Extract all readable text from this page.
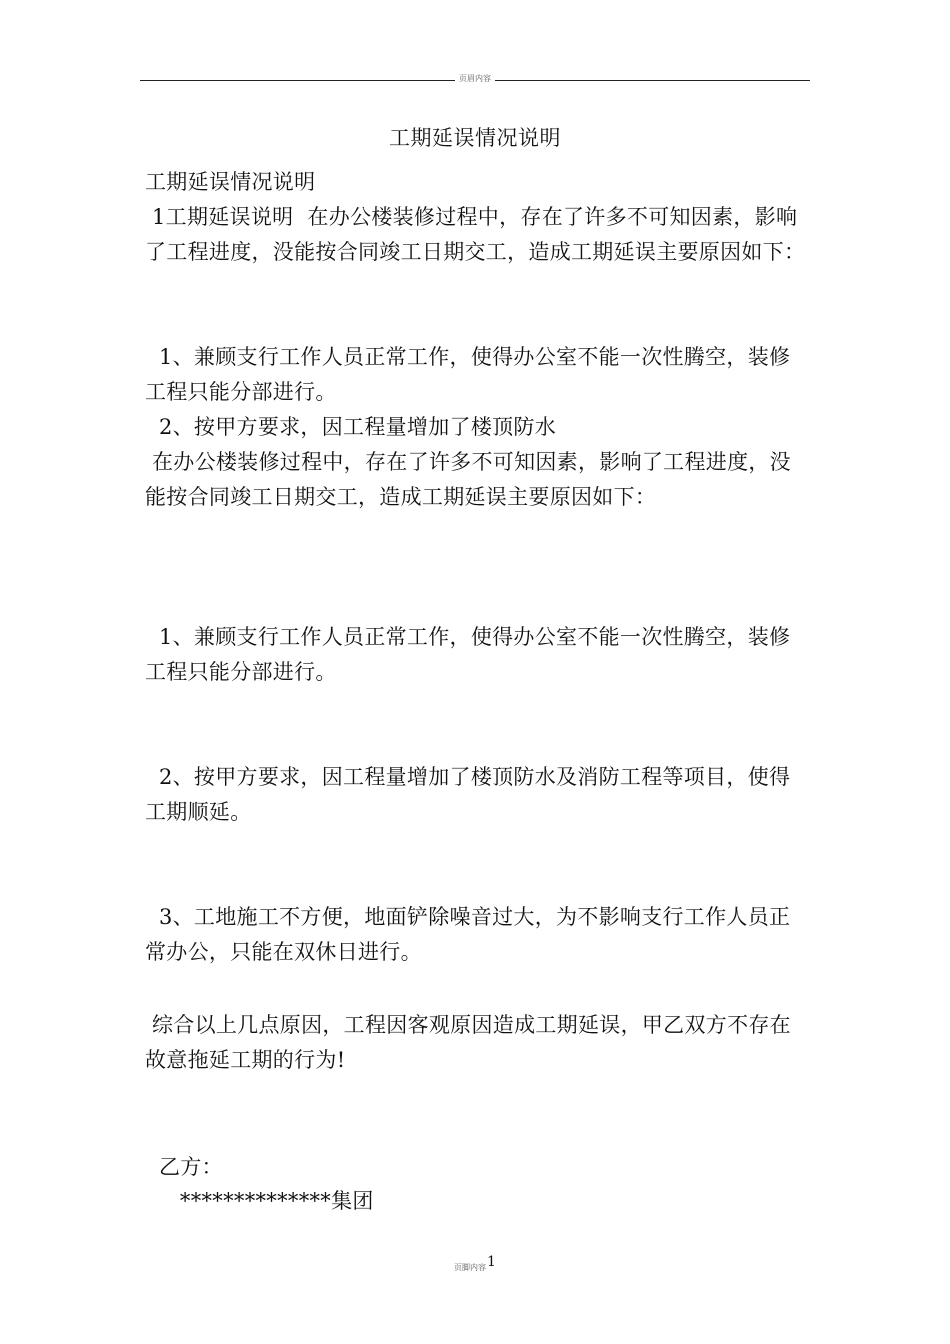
页眉内容
工期延误情况说明
工期延误情况说明
1工期延误说明  在办公楼装修过程中，存在了许多不可知因素，影响了工程进度，没能按合同竣工日期交工，造成工期延误主要原因如下：
1、兼顾支行工作人员正常工作，使得办公室不能一次性腾空，装修工程只能分部进行。
2、按甲方要求，因工程量增加了楼顶防水
在办公楼装修过程中，存在了许多不可知因素，影响了工程进度，没能按合同竣工日期交工，造成工期延误主要原因如下：
1、兼顾支行工作人员正常工作，使得办公室不能一次性腾空，装修工程只能分部进行。
2、按甲方要求，因工程量增加了楼顶防水及消防工程等项目，使得工期顺延。
3、工地施工不方便，地面铲除噪音过大，为不影响支行工作人员正常办公，只能在双休日进行。
综合以上几点原因，工程因客观原因造成工期延误，甲乙双方不存在故意拖延工期的行为!
乙方：
**************集团
页脚内容1
